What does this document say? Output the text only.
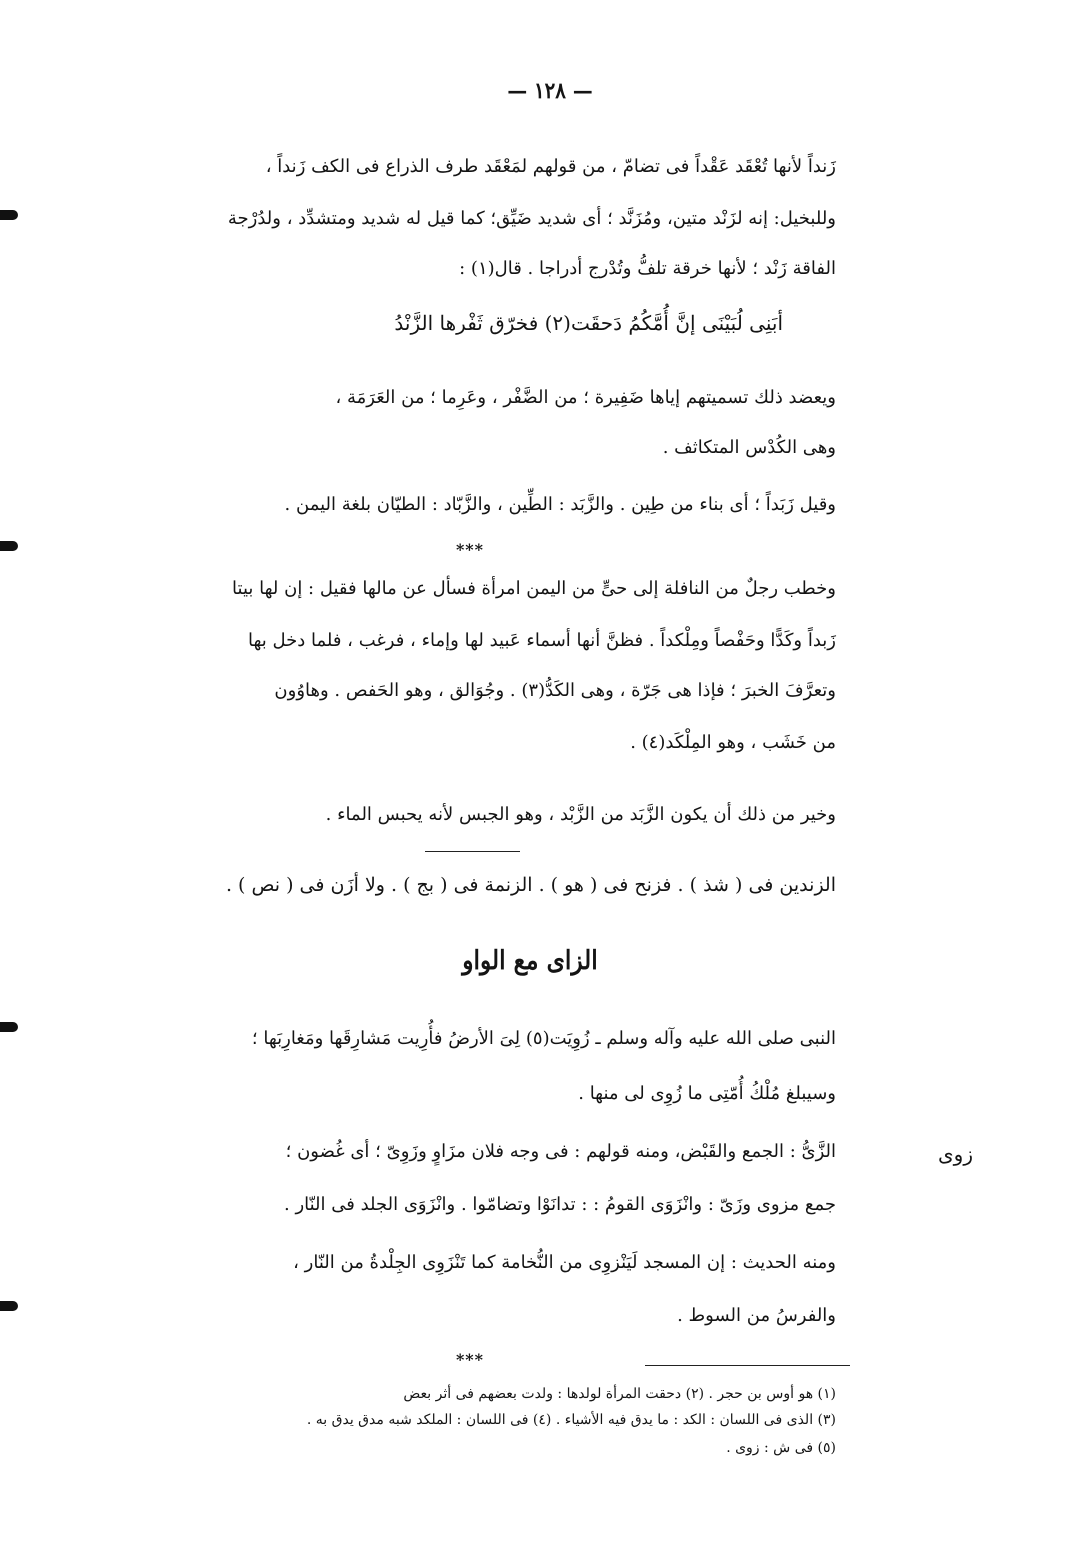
— ١٢٨ —
زَنداً لأنها تُعْقَد عَقْداً فى تضامّ ، من قولهم لمَعْقَد طرف الذراع فى الكف زَنداً ،
وللبخيل: إنه لزَنْد متين، ومُزَنَّد ؛ أى شديد ضَيِّق؛ كما قيل له شديد ومتشدِّد ، ولدُرْجة
الفاقة زَنْد ؛ لأنها خرقة تلفُّ وتُدْرج أدراجا . قال(١) :
أبَنِى لُبَيْنَى إنَّ أُمَّكُمُ دَحقَت(٢) فخرّق ثَفْرها الزَّنْدُ
ويعضد ذلك تسميتهم إياها ضَفِيرة ؛ من الضَّفْر ، وعَرِما ؛ من العَرَمَة ،
وهى الكُدْس المتكاثف .
وقيل زَبَداً ؛ أى بناء من طِين . والزَّبَد : الطِّين ، والزَّبّاد : الطيّان بلغة اليمن .
***
وخطب رجلٌ من النافلة إلى حىٍّ من اليمن امرأة فسأل عن مالها فقيل : إن لها بيتا
زَبداً وكَدًّا وحَفْصاً ومِلْكداً . فظنَّ أنها أسماء عَبيد لها وإماء ، فرغب ، فلما دخل بها
وتعرَّفَ الخبرَ ؛ فإذا هى جَرّة ، وهى الكَدُّ(٣) . وجُوَالق ، وهو الحَفص . وهاوُون
من خَشَب ، وهو المِلْكَد(٤) .
وخير من ذلك أن يكون الزَّبَد من الزَّبْد ، وهو الجبس لأنه يحبس الماء .
الزندين فى ( شذ ) . فزنح فى ( هو ) . الزنمة فى ( بج ) . ولا أزَن فى ( نص ) .
الزاى مع الواو
النبى صلى الله عليه وآله وسلم ـ زُوِيَت(٥) لِىَ الأرضُ فأُرِيت مَشارِقَها ومَغارِبَها ؛
وسيبلغ مُلْكُ أُمّتِى ما زُوِى لى منها .
زوى
الزَّىُّ : الجمع والقَبْض، ومنه قولهم : فى وجه فلان مزَاوٍ وزَوِىّ ؛ أى غُضون ؛
جمع مزوى وزَىّ : وانْزَوَى القومُ : : تدانَوْا وتضامّوا . وانْزَوَى الجلد فى النّار .
ومنه الحديث : إن المسجد لَيَنْزوِى من النُّخامة كما تَنْزَوِى الجِلْدةُ من النّار ،
والفرسُ من السوط .
***
(١) هو أوس بن حجر . (٢) دحقت المرأة لولدها : ولدت بعضهم فى أثر بعض
(٣) الذى فى اللسان : الكد : ما يدق فيه الأشياء . (٤) فى اللسان : الملكد شبه مدق يدق به .
(٥) فى ش : زوى .
